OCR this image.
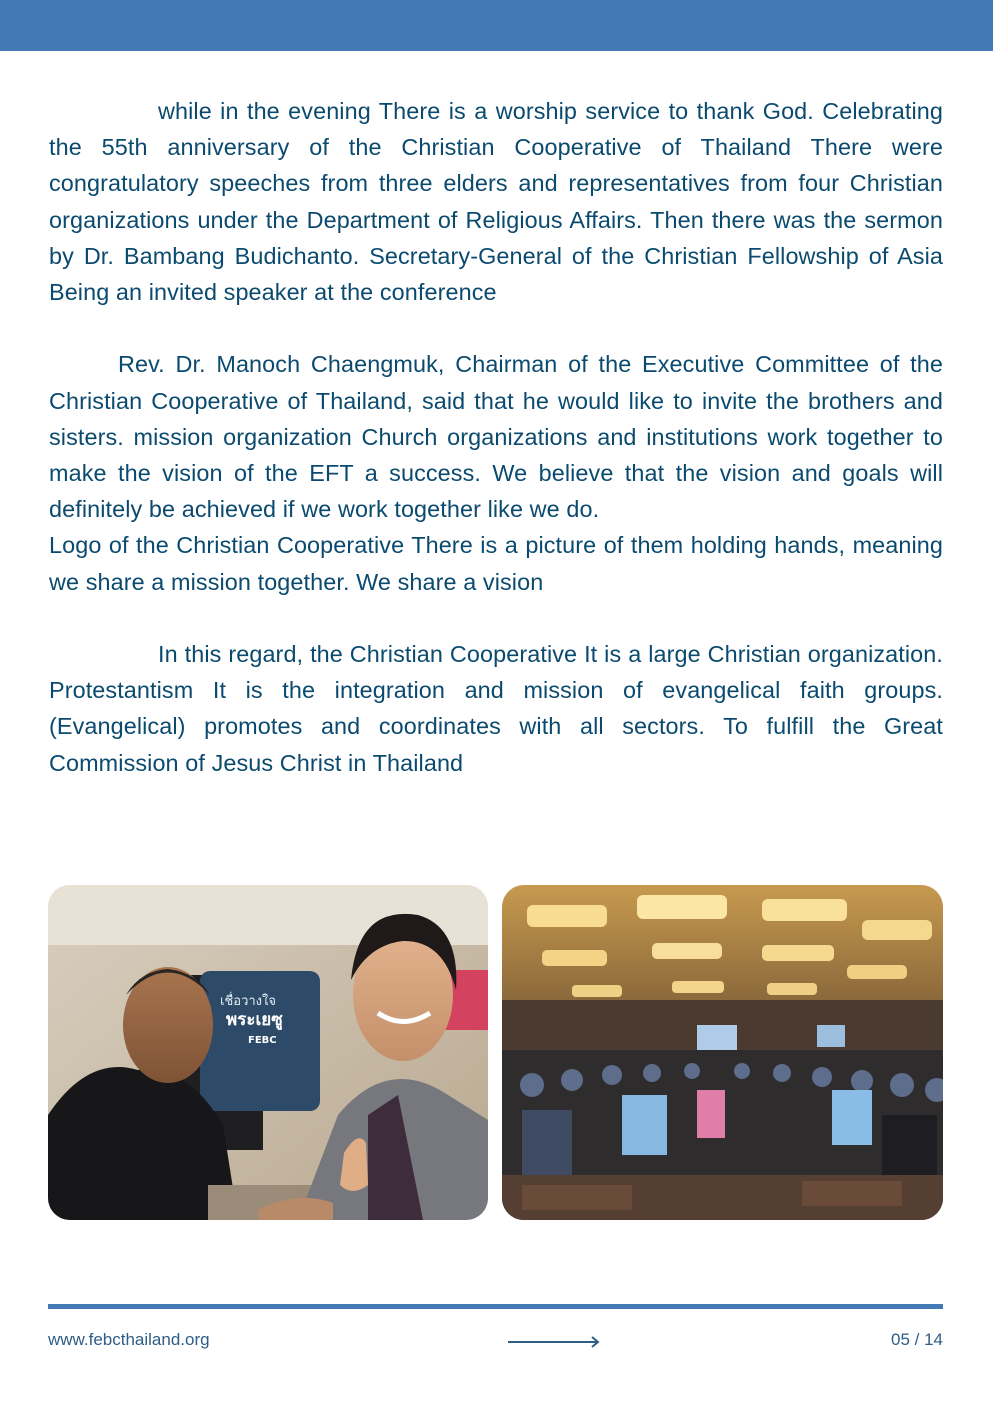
while in the evening There is a worship service to thank God. Celebrating the 55th anniversary of the Christian Cooperative of Thailand There were congratulatory speeches from three elders and representatives from four Christian organizations under the Department of Religious Affairs. Then there was the sermon by Dr. Bambang Budichanto. Secretary-General of the Christian Fellowship of Asia Being an invited speaker at the conference

Rev. Dr. Manoch Chaengmuk, Chairman of the Executive Committee of the Christian Cooperative of Thailand, said that he would like to invite the brothers and sisters. mission organization Church organizations and institutions work together to make the vision of the EFT a success. We believe that the vision and goals will definitely be achieved if we work together like we do.

Logo of the Christian Cooperative There is a picture of them holding hands, meaning we share a mission together. We share a vision

In this regard, the Christian Cooperative It is a large Christian organization. Protestantism It is the integration and mission of evangelical faith groups. (Evangelical) promotes and coordinates with all sectors. To fulfill the Great Commission of Jesus Christ in Thailand

เชื่อวางใจ
พระเยซู
FEBC
www.febcthailand.org	05 / 14
